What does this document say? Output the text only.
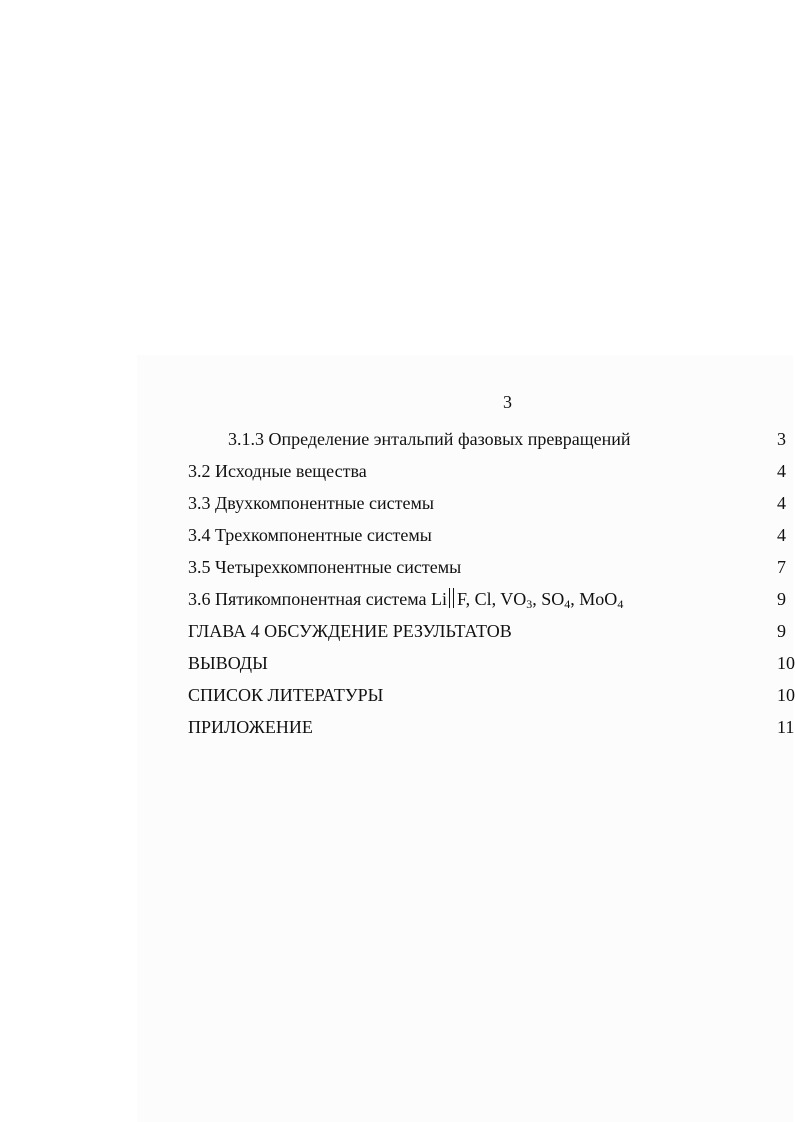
3
3.1.3 Определение энтальпий фазовых превращений	3
3.2 Исходные вещества	4
3.3 Двухкомпонентные системы	4
3.4 Трехкомпонентные системы	4
3.5 Четырехкомпонентные системы	7
3.6 Пятикомпонентная система Li F, Cl, $VO_3$, $SO_4$, MoO$_4$	9
ГЛАВА 4 ОБСУЖДЕНИЕ РЕЗУЛЬТАТОВ	9
ВЫВОДЫ	10
СПИСОК ЛИТЕРАТУРЫ	10
ПРИЛОЖЕНИЕ	11
